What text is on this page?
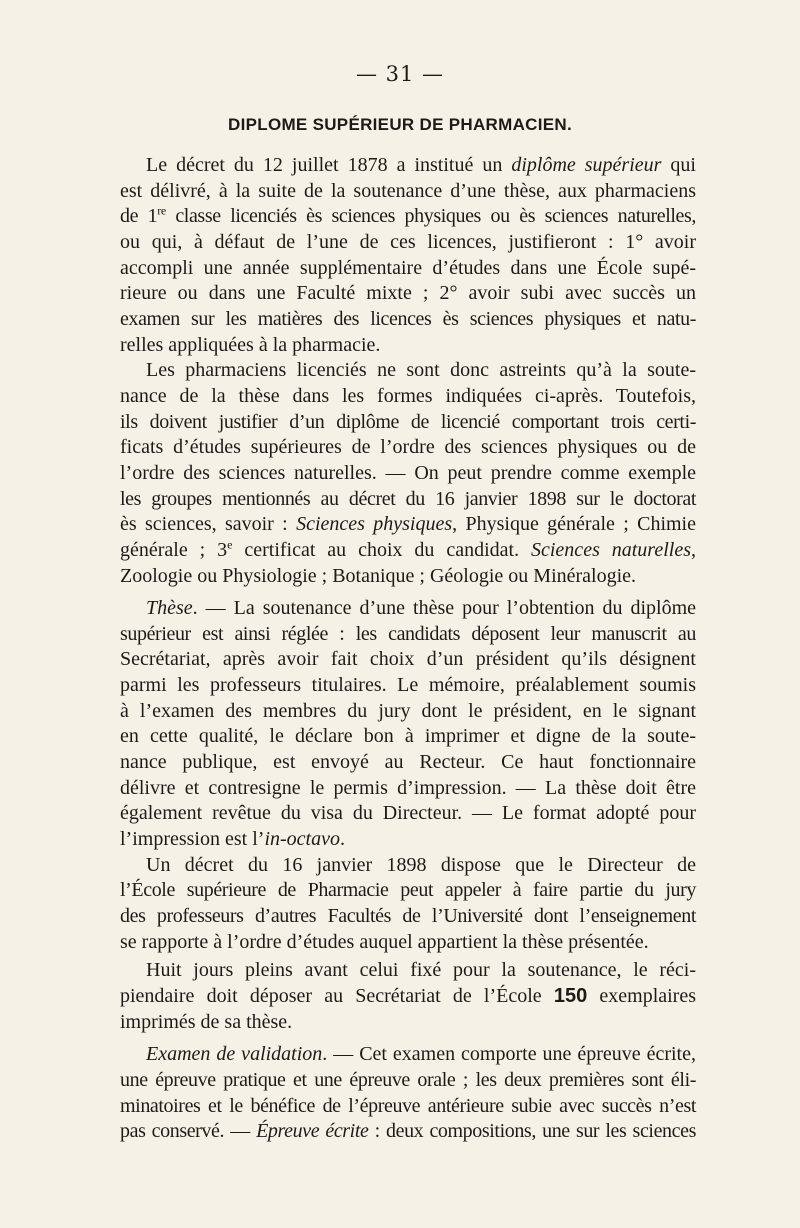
— 31 —
DIPLOME SUPÉRIEUR DE PHARMACIEN.
Le décret du 12 juillet 1878 a institué un diplôme supérieur qui
est délivré, à la suite de la soutenance d’une thèse, aux pharmaciens
de 1re classe licenciés ès sciences physiques ou ès sciences naturelles,
ou qui, à défaut de l’une de ces licences, justifieront : 1° avoir
accompli une année supplémentaire d’études dans une École supé-
rieure ou dans une Faculté mixte ; 2° avoir subi avec succès un
examen sur les matières des licences ès sciences physiques et natu-
relles appliquées à la pharmacie.
Les pharmaciens licenciés ne sont donc astreints qu’à la soute-
nance de la thèse dans les formes indiquées ci-après. Toutefois,
ils doivent justifier d’un diplôme de licencié comportant trois certi-
ficats d’études supérieures de l’ordre des sciences physiques ou de
l’ordre des sciences naturelles. — On peut prendre comme exemple
les groupes mentionnés au décret du 16 janvier 1898 sur le doctorat
ès sciences, savoir : Sciences physiques, Physique générale ; Chimie
générale ; 3e certificat au choix du candidat. Sciences naturelles,
Zoologie ou Physiologie ; Botanique ; Géologie ou Minéralogie.
Thèse. — La soutenance d’une thèse pour l’obtention du diplôme
supérieur est ainsi réglée : les candidats déposent leur manuscrit au
Secrétariat, après avoir fait choix d’un président qu’ils désignent
parmi les professeurs titulaires. Le mémoire, préalablement soumis
à l’examen des membres du jury dont le président, en le signant
en cette qualité, le déclare bon à imprimer et digne de la soute-
nance publique, est envoyé au Recteur. Ce haut fonctionnaire
délivre et contresigne le permis d’impression. — La thèse doit être
également revêtue du visa du Directeur. — Le format adopté pour
l’impression est l’in-octavo.
Un décret du 16 janvier 1898 dispose que le Directeur de
l’École supérieure de Pharmacie peut appeler à faire partie du jury
des professeurs d’autres Facultés de l’Université dont l’enseignement
se rapporte à l’ordre d’études auquel appartient la thèse présentée.
Huit jours pleins avant celui fixé pour la soutenance, le réci-
piendaire doit déposer au Secrétariat de l’École 150 exemplaires
imprimés de sa thèse.
Examen de validation. — Cet examen comporte une épreuve écrite,
une épreuve pratique et une épreuve orale ; les deux premières sont éli-
minatoires et le bénéfice de l’épreuve antérieure subie avec succès n’est
pas conservé. — Épreuve écrite : deux compositions, une sur les sciences
